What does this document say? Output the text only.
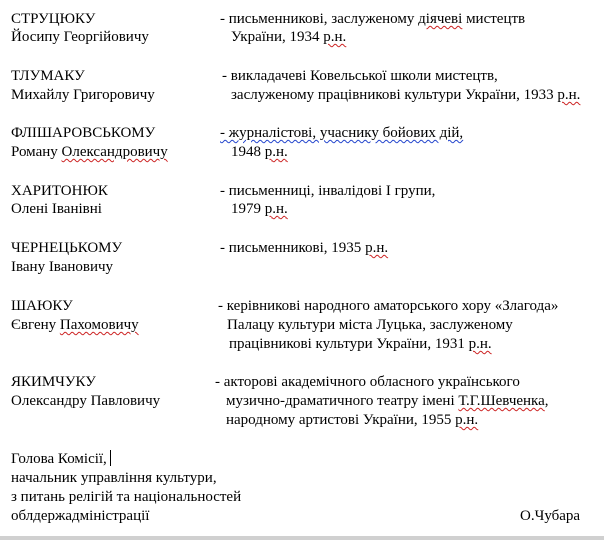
СТРУЦЮКУ
Йосипу Георгійовичу
- письменникові, заслуженому діячеві мистецтв
України, 1934 р.н.
ТЛУМАКУ
Михайлу Григоровичу
- викладачеві Ковельської школи мистецтв,
заслуженому працівникові культури України, 1933 р.н.
ФЛІШАРОВСЬКОМУ
Роману Олександровичу
- журналістові, учаснику бойових дій,
1948 р.н.
ХАРИТОНЮК
Олені Іванівні
- письменниці, інвалідові І групи,
1979 р.н.
ЧЕРНЕЦЬКОМУ
Івану Івановичу
- письменникові, 1935 р.н.
ШАЮКУ
Євгену Пахомовичу
- керівникові народного аматорського хору «Злагода»
Палацу культури міста Луцька, заслуженому
працівникові культури України, 1931 р.н.
ЯКИМЧУКУ
Олександру Павловичу
- акторові академічного обласного українського
музично-драматичного театру імені Т.Г.Шевченка,
народному артистові України, 1955 р.н.
Голова Комісії,
начальник управління культури,
з питань релігій та національностей
облдержадміністрації	О.Чубара
